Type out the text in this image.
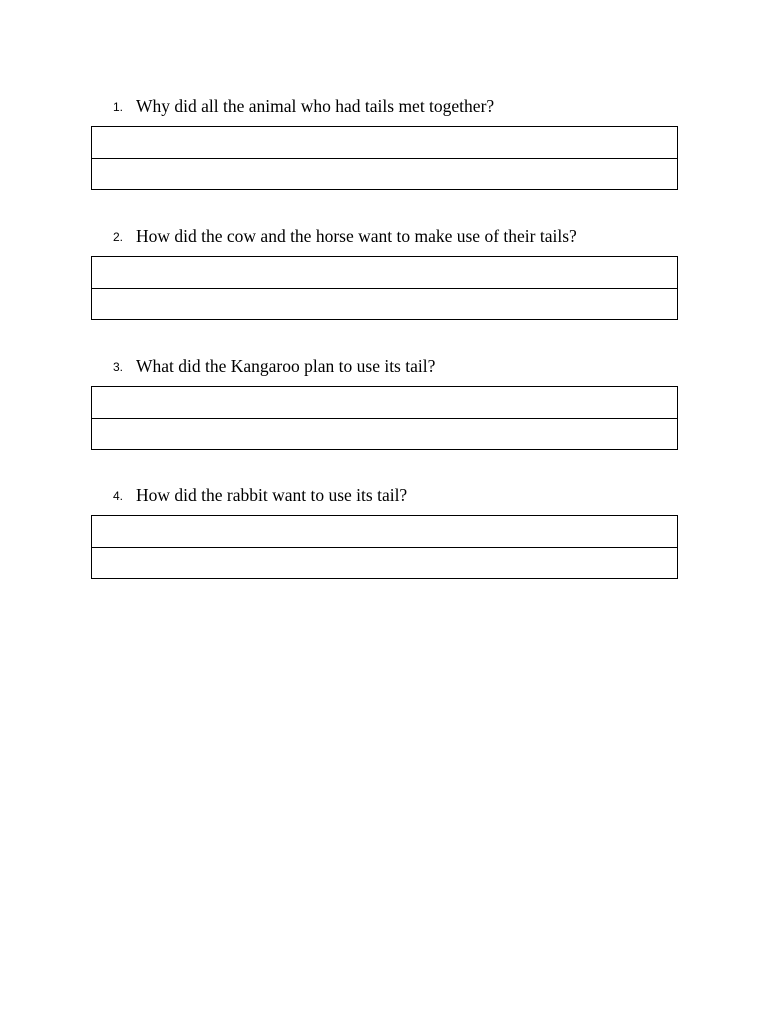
1. Why did all the animal who had tails met together?
2. How did the cow and the horse want to make use of their tails?
3. What did the Kangaroo plan to use its tail?
4. How did the rabbit want to use its tail?
